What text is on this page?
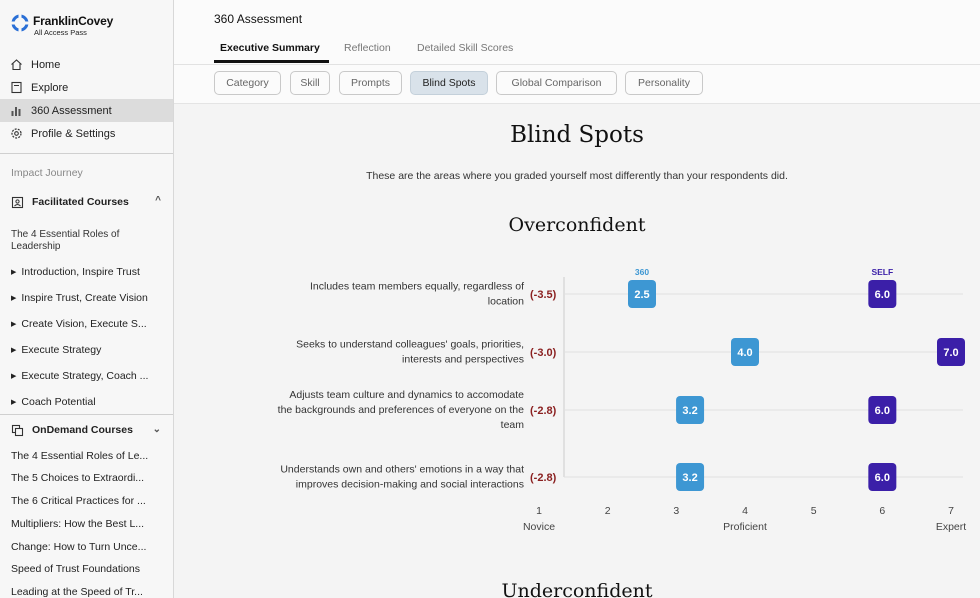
FranklinCovey
All Access Pass
Home
Explore
360 Assessment
Profile & Settings
Impact Journey
Facilitated Courses	^
The 4 Essential Roles of Leadership
▶ Introduction, Inspire Trust
▶ Inspire Trust, Create Vision
▶ Create Vision, Execute S...
▶ Execute Strategy
▶ Execute Strategy, Coach ...
▶ Coach Potential
OnDemand Courses ⌄
The 4 Essential Roles of Le...
The 5 Choices to Extraordi...
The 6 Critical Practices for ...
Multipliers: How the Best L...
Change: How to Turn Unce...
Speed of Trust Foundations
Leading at the Speed of Tr...
360 Assessment
Executive Summary Reflection	Detailed Skill Scores
Category	Skill	Prompts	Blind Spots	Global Comparison	Personality
Blind Spots
These are the areas where you graded yourself most differently than your respondents did.
Overconfident
360	SELF
Includes team members equally, regardless of
location
(-3.5)	2.5	6.0
Seeks to understand colleagues' goals, priorities,
interests and perspectives
(-3.0)	4.0	7.0
Adjusts team culture and dynamics to accomodate
the backgrounds and preferences of everyone on the
team
(-2.8)	3.2	6.0
Understands own and others' emotions in a way that
improves decision-making and social interactions
(-2.8)	3.2	6.0
1	2	3	4	5	6	7
Novice	Proficient	Expert
Underconfident
